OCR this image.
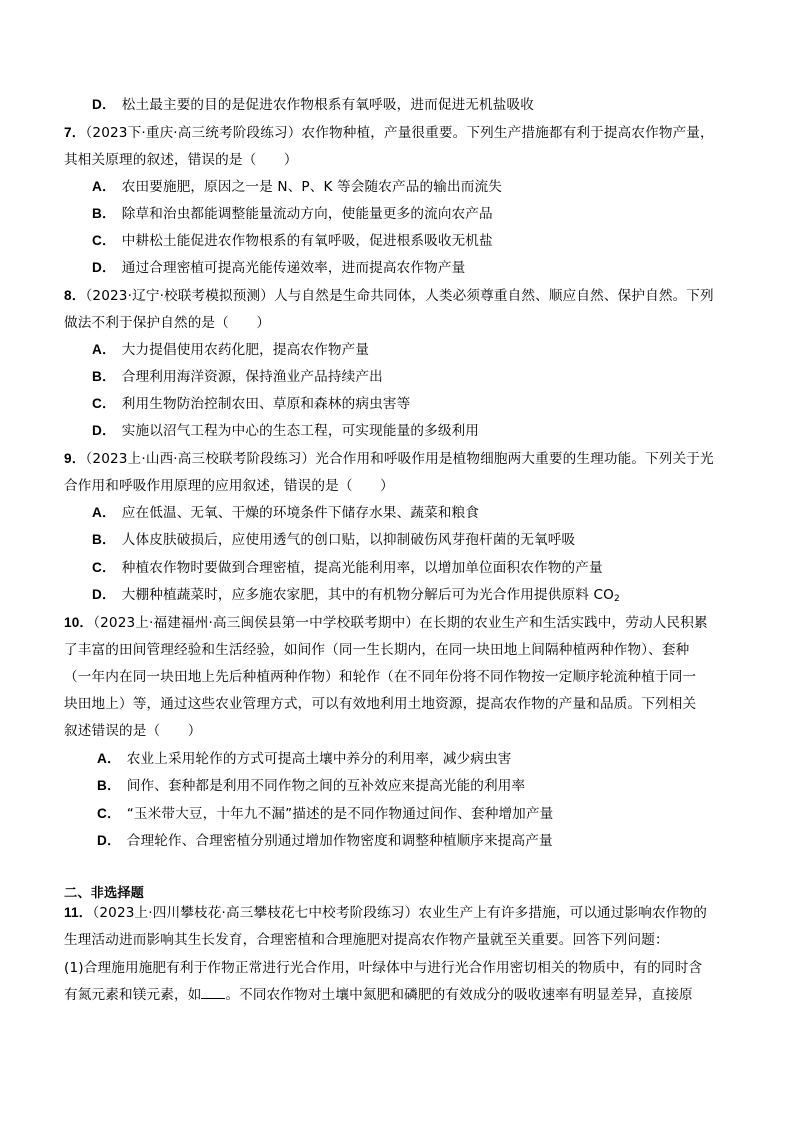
D． 松土最主要的目的是促进农作物根系有氧呼吸，进而促进无机盐吸收
7．（2023下·重庆·高三统考阶段练习）农作物种植，产量很重要。下列生产措施都有利于提高农作物产量，
其相关原理的叙述，错误的是（　　）
A． 农田要施肥，原因之一是 N、P、K 等会随农产品的输出而流失
B． 除草和治虫都能调整能量流动方向，使能量更多的流向农产品
C． 中耕松土能促进农作物根系的有氧呼吸，促进根系吸收无机盐
D． 通过合理密植可提高光能传递效率，进而提高农作物产量
8．（2023·辽宁·校联考模拟预测）人与自然是生命共同体，人类必须尊重自然、顺应自然、保护自然。下列
做法不利于保护自然的是（　　）
A． 大力提倡使用农药化肥，提高农作物产量
B． 合理利用海洋资源，保持渔业产品持续产出
C． 利用生物防治控制农田、草原和森林的病虫害等
D． 实施以沼气工程为中心的生态工程，可实现能量的多级利用
9．（2023上·山西·高三校联考阶段练习）光合作用和呼吸作用是植物细胞两大重要的生理功能。下列关于光
合作用和呼吸作用原理的应用叙述，错误的是（　　）
A． 应在低温、无氧、干燥的环境条件下储存水果、蔬菜和粮食
B． 人体皮肤破损后，应使用透气的创口贴，以抑制破伤风芽孢杆菌的无氧呼吸
C． 种植农作物时要做到合理密植，提高光能利用率，以增加单位面积农作物的产量
D． 大棚种植蔬菜时，应多施农家肥，其中的有机物分解后可为光合作用提供原料 $CO_2$
10．（2023上·福建福州·高三闽侯县第一中学校联考期中）在长期的农业生产和生活实践中，劳动人民积累
了丰富的田间管理经验和生活经验，如间作（同一生长期内，在同一块田地上间隔种植两种作物）、套种
（一年内在同一块田地上先后种植两种作物）和轮作（在不同年份将不同作物按一定顺序轮流种植于同一
块田地上）等，通过这些农业管理方式，可以有效地利用土地资源，提高农作物的产量和品质。下列相关
叙述错误的是（　　）
A． 农业上采用轮作的方式可提高土壤中养分的利用率，减少病虫害
B． 间作、套种都是利用不同作物之间的互补效应来提高光能的利用率
C． “玉米带大豆，十年九不漏”描述的是不同作物通过间作、套种增加产量
D． 合理轮作、合理密植分别通过增加作物密度和调整种植顺序来提高产量
二、非选择题
11．（2023上·四川攀枝花·高三攀枝花七中校考阶段练习）农业生产上有许多措施，可以通过影响农作物的
生理活动进而影响其生长发育，合理密植和合理施肥对提高农作物产量就至关重要。回答下列问题：
(1)合理施用施肥有利于作物正常进行光合作用，叶绿体中与进行光合作用密切相关的物质中，有的同时含
有氮元素和镁元素，如 。不同农作物对土壤中氮肥和磷肥的有效成分的吸收速率有明显差异，直接原
